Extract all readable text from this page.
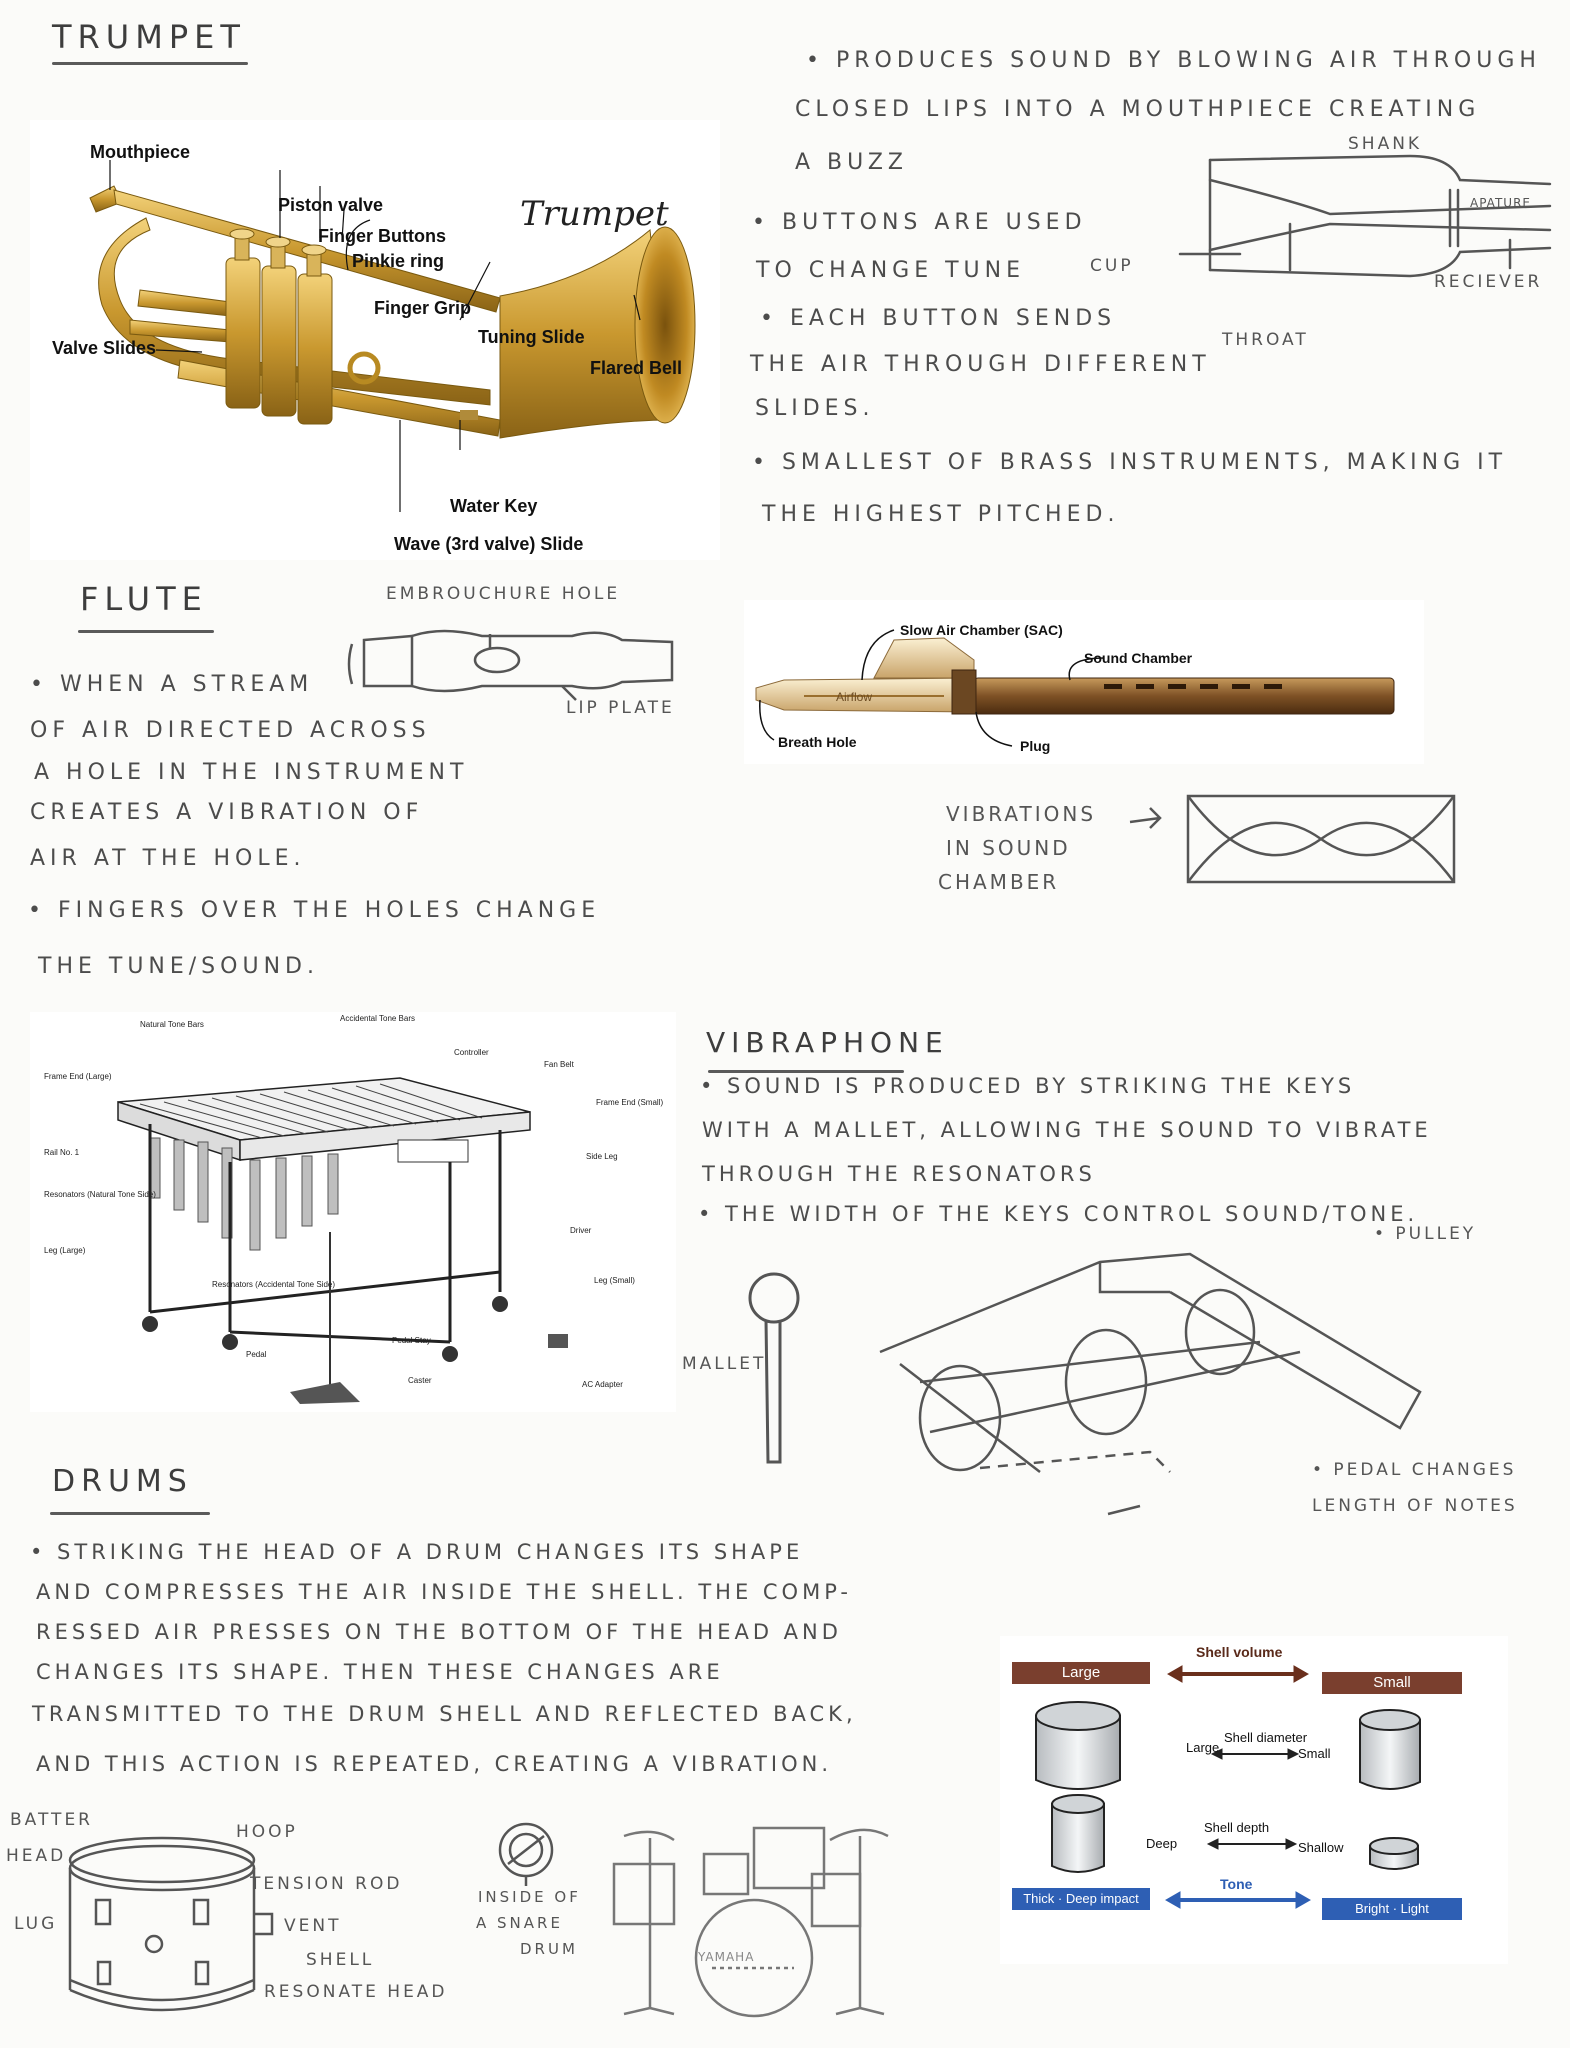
TRUMPET
Mouthpiece
Piston valve
Finger Buttons
Pinkie ring
Finger Grip
Tuning Slide
Valve Slides
Flared Bell
Water Key
Wave (3rd valve) Slide
Trumpet
• PRODUCES SOUND BY BLOWING AIR THROUGH
CLOSED LIPS INTO A MOUTHPIECE CREATING
A BUZZ
• BUTTONS ARE USED
TO CHANGE TUNE
• EACH BUTTON SENDS
THE AIR THROUGH DIFFERENT
SLIDES.
• SMALLEST OF BRASS INSTRUMENTS, MAKING IT
THE HIGHEST PITCHED.
SHANK
APATURE
CUP
RECIEVER
THROAT
FLUTE	EMBROUCHURE HOLE
LIP PLATE
• WHEN A STREAM
OF AIR DIRECTED ACROSS
A HOLE IN THE INSTRUMENT
CREATES A VIBRATION OF
AIR AT THE HOLE.
• FINGERS OVER THE HOLES CHANGE
THE TUNE/SOUND.
Slow Air Chamber (SAC)
Sound Chamber
Airflow
Breath Hole	Plug
VIBRATIONS
IN SOUND
CHAMBER
Natural Tone Bars
Accidental Tone Bars
Controller
Fan Belt
Frame End (Large)
Frame End (Small)
Rail No. 1	Side Leg
Resonators (Natural Tone Side)
Driver
Leg (Large)
Resonators (Accidental Tone Side)	Leg (Small)
Pedal Stay
Pedal
Caster	AC Adapter
VIBRAPHONE
• SOUND IS PRODUCED BY STRIKING THE KEYS
WITH A MALLET, ALLOWING THE SOUND TO VIBRATE
THROUGH THE RESONATORS
• THE WIDTH OF THE KEYS CONTROL SOUND/TONE.
MALLET
• PULLEY
• PEDAL CHANGES
LENGTH OF NOTES
DRUMS
• STRIKING THE HEAD OF A DRUM CHANGES ITS SHAPE
AND COMPRESSES THE AIR INSIDE THE SHELL. THE COMP-
RESSED AIR PRESSES ON THE BOTTOM OF THE HEAD AND
CHANGES ITS SHAPE. THEN THESE CHANGES ARE
TRANSMITTED TO THE DRUM SHELL AND REFLECTED BACK,
AND THIS ACTION IS REPEATED, CREATING A VIBRATION.
BATTER
HEAD
HOOP
TENSION ROD
LUG	VENT
SHELL
RESONATE HEAD
INSIDE OF
A SNARE
DRUM	YAMAHA
Large
Small
Thick · Deep impact
Bright · Light
Shell volume
Large
Shell diameter
Small
Shell depth
Deep	Shallow
Tone
